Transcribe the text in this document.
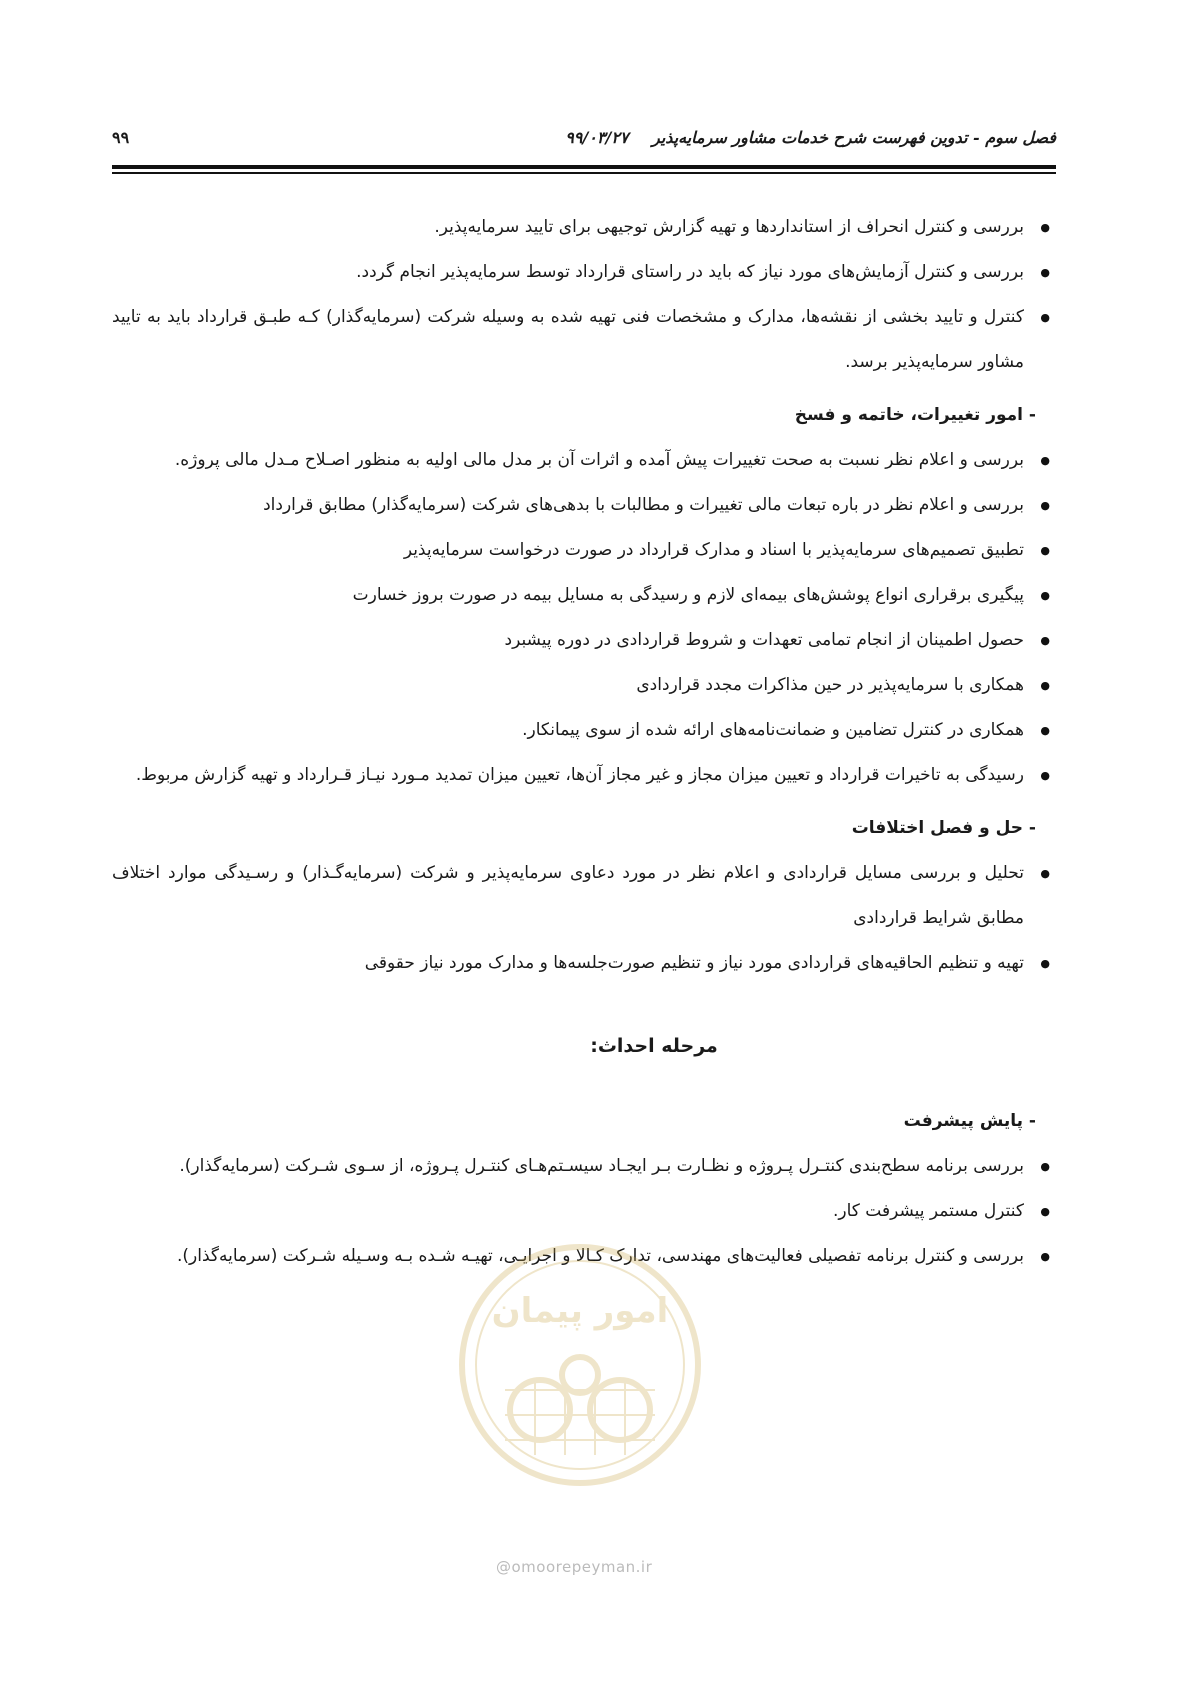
فصل سوم - تدوین فهرست شرح خدمات مشاور سرمایه‌پذیر ۹۹/۰۳/۲۷
۹۹
● بررسی و کنترل انحراف از استانداردها و تهیه گزارش توجیهی برای تایید سرمایه‌پذیر.
● بررسی و کنترل آزمایش‌های مورد نیاز که باید در راستای قرارداد توسط سرمایه‌پذیر انجام گردد.
● کنترل و تایید بخشی از نقشه‌ها، مدارک و مشخصات فنی تهیه شده به وسیله شرکت (سرمایه‌گذار) کـه طبـق قرارداد باید به تایید مشاور سرمایه‌پذیر برسد.
- امور تغییرات، خاتمه و فسخ
● بررسی و اعلام نظر نسبت به صحت تغییرات پیش آمده و اثرات آن بر مدل مالی اولیه به منظور اصـلاح مـدل مالی پروژه.
● بررسی و اعلام نظر در باره تبعات مالی تغییرات و مطالبات با بدهی‌های شرکت (سرمایه‌گذار) مطابق قرارداد
● تطبیق تصمیم‌های سرمایه‌پذیر با اسناد و مدارک قرارداد در صورت درخواست سرمایه‌پذیر
● پیگیری برقراری انواع پوشش‌های بیمه‌ای لازم و رسیدگی به مسایل بیمه در صورت بروز خسارت
● حصول اطمینان از انجام تمامی تعهدات و شروط قراردادی در دوره پیشبرد
● همکاری با سرمایه‌پذیر در حین مذاکرات مجدد قراردادی
● همکاری در کنترل تضامین و ضمانت‌نامه‌های ارائه شده از سوی پیمانکار.
● رسیدگی به تاخیرات قرارداد و تعیین میزان مجاز و غیر مجاز آن‌ها، تعیین میزان تمدید مـورد نیـاز قـرارداد و تهیه گزارش مربوط.
- حل و فصل اختلافات
● تحلیل و بررسی مسایل قراردادی و اعلام نظر در مورد دعاوی سرمایه‌پذیر و شرکت (سرمایه‌گـذار) و رسـیدگی موارد اختلاف مطابق شرایط قراردادی
● تهیه و تنظیم الحاقیه‌های قراردادی مورد نیاز و تنظیم صورت‌جلسه‌ها و مدارک مورد نیاز حقوقی
مرحله احداث:
- پایش پیشرفت
● بررسی برنامه سطح‌بندی کنتـرل پـروژه و نظـارت بـر ایجـاد سیسـتم‌هـای کنتـرل پـروژه، از سـوی شـرکت (سرمایه‌گذار).
● کنترل مستمر پیشرفت کار.
● بررسی و کنترل برنامه تفصیلی فعالیت‌های مهندسی، تدارک کـالا و اجرایـی، تهیـه شـده بـه وسـیله شـرکت (سرمایه‌گذار).
امور پیمان
@omoorepeyman.ir
